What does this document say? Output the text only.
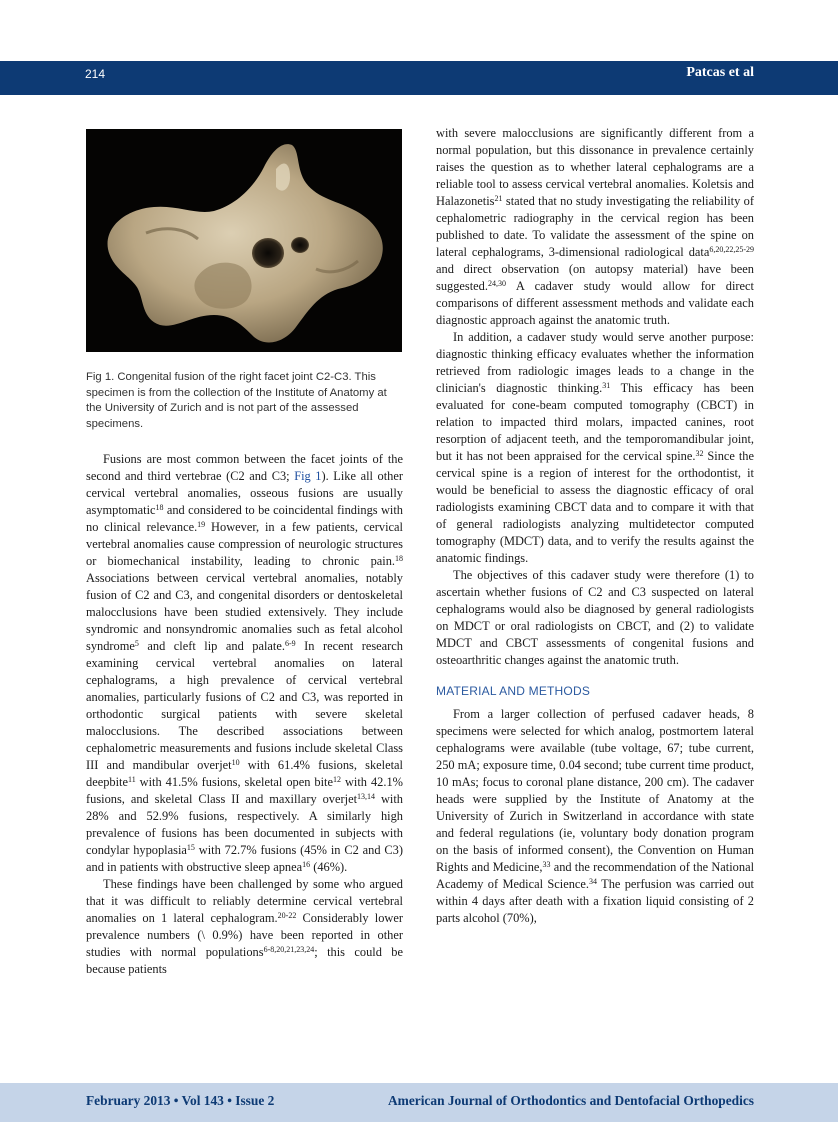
214	Patcas et al
Fig 1. Congenital fusion of the right facet joint C2-C3. This specimen is from the collection of the Institute of Anatomy at the University of Zurich and is not part of the assessed specimens.

Fusions are most common between the facet joints of the second and third vertebrae (C2 and C3; Fig 1). Like all other cervical vertebral anomalies, osseous fusions are usually asymptomatic$^{18}$ and considered to be coincidental findings with no clinical relevance.$^{19}$ However, in a few patients, cervical vertebral anomalies cause compression of neurologic structures or biomechanical instability, leading to chronic pain.$^{18}$ Associations between cervical vertebral anomalies, notably fusion of C2 and C3, and congenital disorders or dentoskeletal malocclusions have been studied extensively. They include syndromic and nonsyndromic anomalies such as fetal alcohol syndrome$^5$ and cleft lip and palate.$^{6-9}$ In recent research examining cervical vertebral anomalies on lateral cephalograms, a high prevalence of cervical vertebral anomalies, particularly fusions of C2 and C3, was reported in orthodontic surgical patients with severe skeletal malocclusions. The described associations between cephalometric measurements and fusions include skeletal Class III and mandibular overjet$^{10}$ with 61.4% fusions, skeletal deepbite$^{11}$ with 41.5% fusions, skeletal open bite$^{12}$ with 42.1% fusions, and skeletal Class II and maxillary overjet$^{13,14}$ with 28% and 52.9% fusions, respectively. A similarly high prevalence of fusions has been documented in subjects with condylar hypoplasia$^{15}$ with 72.7% fusions (45% in C2 and C3) and in patients with obstructive sleep apnea$^{16}$ (46%).

These findings have been challenged by some who argued that it was difficult to reliably determine cervical vertebral anomalies on 1 lateral cephalogram.$^{20-22}$ Considerably lower prevalence numbers (\ 0.9%) have been reported in other studies with normal populations$^{6-8,20,21,23,24}$; this could be because patients

with severe malocclusions are significantly different from a normal population, but this dissonance in prevalence certainly raises the question as to whether lateral cephalograms are a reliable tool to assess cervical vertebral anomalies. Koletsis and Halazonetis$^{21}$ stated that no study investigating the reliability of cephalometric radiography in the cervical region has been published to date. To validate the assessment of the spine on lateral cephalograms, 3-dimensional radiological data$^{6,20,22,25-29}$ and direct observation (on autopsy material) have been suggested.$^{24,30}$ A cadaver study would allow for direct comparisons of different assessment methods and validate each diagnostic approach against the anatomic truth.

In addition, a cadaver study would serve another purpose: diagnostic thinking efficacy evaluates whether the information retrieved from radiologic images leads to a change in the clinician's diagnostic thinking.$^{31}$ This efficacy has been evaluated for cone-beam computed tomography (CBCT) in relation to impacted third molars, impacted canines, root resorption of adjacent teeth, and the temporomandibular joint, but it has not been appraised for the cervical spine.$^{32}$ Since the cervical spine is a region of interest for the orthodontist, it would be beneficial to assess the diagnostic efficacy of oral radiologists examining CBCT data and to compare it with that of general radiologists analyzing multidetector computed tomography (MDCT) data, and to verify the results against the anatomic findings.

The objectives of this cadaver study were therefore (1) to ascertain whether fusions of C2 and C3 suspected on lateral cephalograms would also be diagnosed by general radiologists on MDCT or oral radiologists on CBCT, and (2) to validate MDCT and CBCT assessments of congenital fusions and osteoarthritic changes against the anatomic truth.

MATERIAL AND METHODS

From a larger collection of perfused cadaver heads, 8 specimens were selected for which analog, postmortem lateral cephalograms were available (tube voltage, 67; tube current, 250 mA; exposure time, 0.04 second; tube current time product, 10 mAs; focus to coronal plane distance, 200 cm). The cadaver heads were supplied by the Institute of Anatomy at the University of Zurich in Switzerland in accordance with state and federal regulations (ie, voluntary body donation program on the basis of informed consent), the Convention on Human Rights and Medicine,$^{33}$ and the recommendation of the National Academy of Medical Science.$^{34}$ The perfusion was carried out within 4 days after death with a fixation liquid consisting of 2 parts alcohol (70%),

February 2013 • Vol 143 • Issue 2	American Journal of Orthodontics and Dentofacial Orthopedics
